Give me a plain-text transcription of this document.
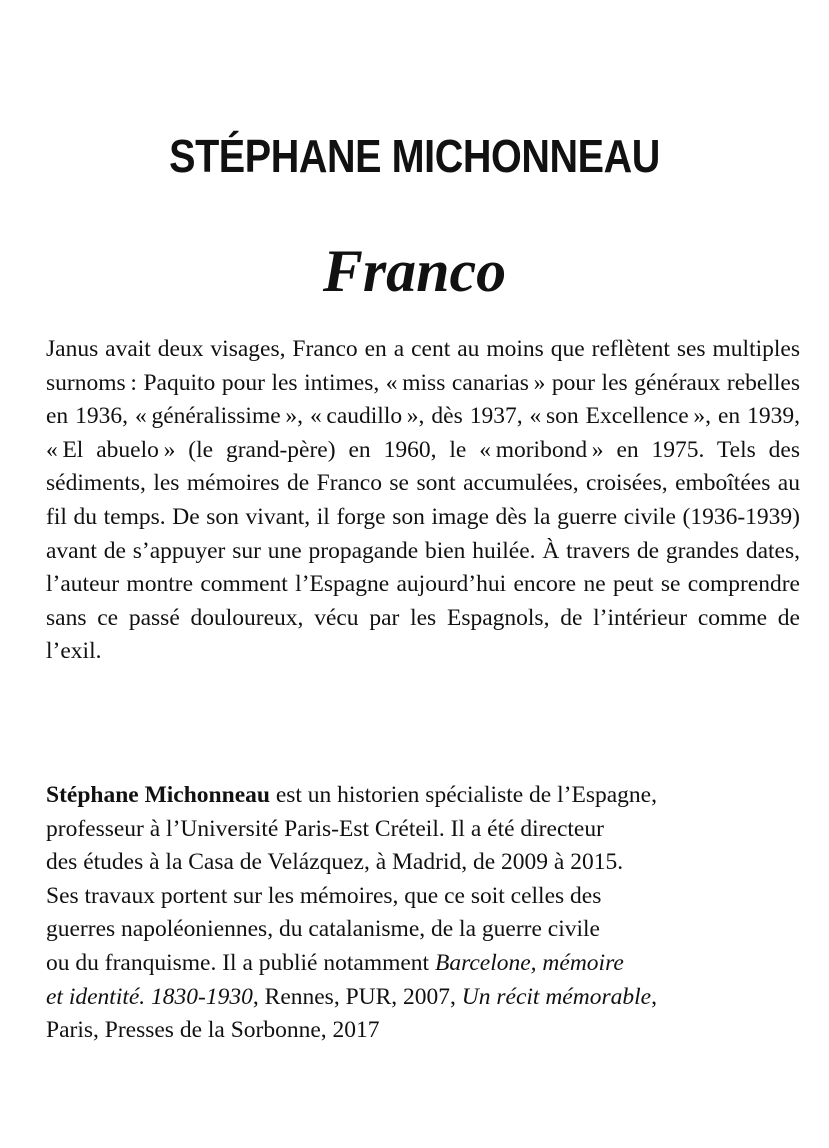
STÉPHANE MICHONNEAU
Franco

Janus avait deux visages, Franco en a cent au moins que reflètent ses multiples surnoms : Paquito pour les intimes, « miss canarias » pour les généraux rebelles en 1936, « généralissime », « caudillo », dès 1937, « son Excellence », en 1939, « El abuelo » (le grand-père) en 1960, le « moribond » en 1975. Tels des sédiments, les mémoires de Franco se sont accumulées, croisées, emboîtées au fil du temps. De son vivant, il forge son image dès la guerre civile (1936-1939) avant de s’appuyer sur une propagande bien huilée. À travers de grandes dates, l’auteur montre comment l’Espagne aujourd’hui encore ne peut se comprendre sans ce passé douloureux, vécu par les Espagnols, de l’intérieur comme de l’exil.

Stéphane Michonneau est un historien spécialiste de l’Espagne,
professeur à l’Université Paris-Est Créteil. Il a été directeur
des études à la Casa de Velázquez, à Madrid, de 2009 à 2015.
Ses travaux portent sur les mémoires, que ce soit celles des
guerres napoléoniennes, du catalanisme, de la guerre civile
ou du franquisme. Il a publié notamment Barcelone, mémoire
et identité. 1830-1930, Rennes, PUR, 2007, Un récit mémorable,
Paris, Presses de la Sorbonne, 2017
